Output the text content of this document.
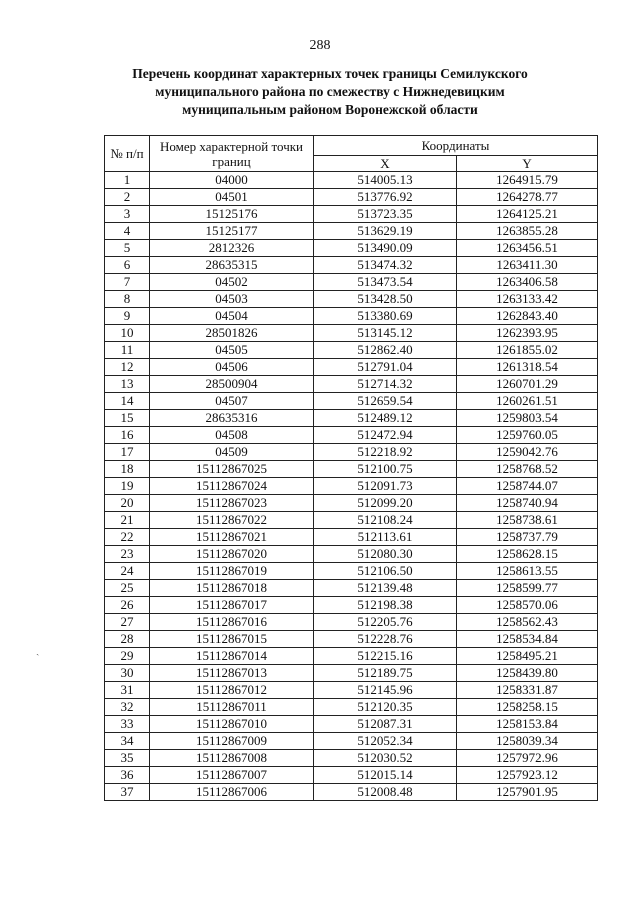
288
Перечень координат характерных точек границы Семилукского
муниципального района по смежеству с Нижнедевицким
муниципальным районом Воронежской области
№ п/п	Номер характерной точки границ	Координаты	
		X	Y
1	04000	514005.13	1264915.79
2	04501	513776.92	1264278.77
3	15125176	513723.35	1264125.21
4	15125177	513629.19	1263855.28
5	2812326	513490.09	1263456.51
6	28635315	513474.32	1263411.30
7	04502	513473.54	1263406.58
8	04503	513428.50	1263133.42
9	04504	513380.69	1262843.40
10	28501826	513145.12	1262393.95
11	04505	512862.40	1261855.02
12	04506	512791.04	1261318.54
13	28500904	512714.32	1260701.29
14	04507	512659.54	1260261.51
15	28635316	512489.12	1259803.54
16	04508	512472.94	1259760.05
17	04509	512218.92	1259042.76
18	15112867025	512100.75	1258768.52
19	15112867024	512091.73	1258744.07
20	15112867023	512099.20	1258740.94
21	15112867022	512108.24	1258738.61
22	15112867021	512113.61	1258737.79
23	15112867020	512080.30	1258628.15
24	15112867019	512106.50	1258613.55
25	15112867018	512139.48	1258599.77
26	15112867017	512198.38	1258570.06
27	15112867016	512205.76	1258562.43
28	15112867015	512228.76	1258534.84
29	15112867014	512215.16	1258495.21
30	15112867013	512189.75	1258439.80
31	15112867012	512145.96	1258331.87
32	15112867011	512120.35	1258258.15
33	15112867010	512087.31	1258153.84
34	15112867009	512052.34	1258039.34
35	15112867008	512030.52	1257972.96
36	15112867007	512015.14	1257923.12
37	15112867006	512008.48	1257901.95
ˏ
